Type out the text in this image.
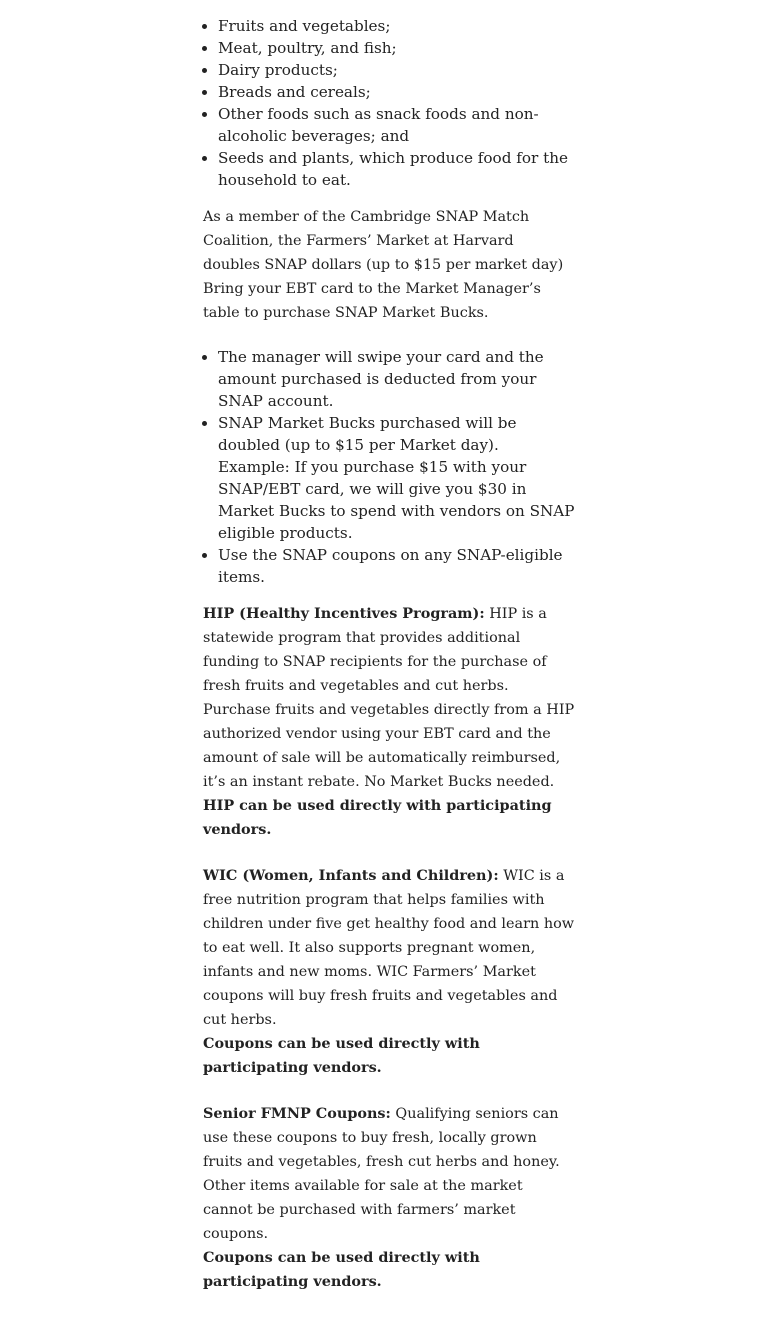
• Fruits and vegetables;
• Meat, poultry, and fish;
• Dairy products;
• Breads and cereals;
• Other foods such as snack foods and non-alcoholic beverages; and
• Seeds and plants, which produce food for the household to eat.

As a member of the Cambridge SNAP Match Coalition, the Farmers’ Market at Harvard doubles SNAP dollars (up to $15 per market day)
Bring your EBT card to the Market Manager’s table to purchase SNAP Market Bucks.

• The manager will swipe your card and the amount purchased is deducted from your SNAP account.
• SNAP Market Bucks purchased will be doubled (up to $15 per Market day). Example: If you purchase $15 with your SNAP/EBT card, we will give you $30 in Market Bucks to spend with vendors on SNAP eligible products.
• Use the SNAP coupons on any SNAP-eligible items.

HIP (Healthy Incentives Program): HIP is a statewide program that provides additional funding to SNAP recipients for the purchase of fresh fruits and vegetables and cut herbs. Purchase fruits and vegetables directly from a HIP authorized vendor using your EBT card and the amount of sale will be automatically reimbursed, it’s an instant rebate. No Market Bucks needed.
HIP can be used directly with participating vendors.

WIC (Women, Infants and Children): WIC is a free nutrition program that helps families with children under five get healthy food and learn how to eat well. It also supports pregnant women, infants and new moms. WIC Farmers’ Market coupons will buy fresh fruits and vegetables and cut herbs.
Coupons can be used directly with participating vendors.

Senior FMNP Coupons: Qualifying seniors can use these coupons to buy fresh, locally grown fruits and vegetables, fresh cut herbs and honey. Other items available for sale at the market cannot be purchased with farmers’ market coupons.
Coupons can be used directly with participating vendors.
